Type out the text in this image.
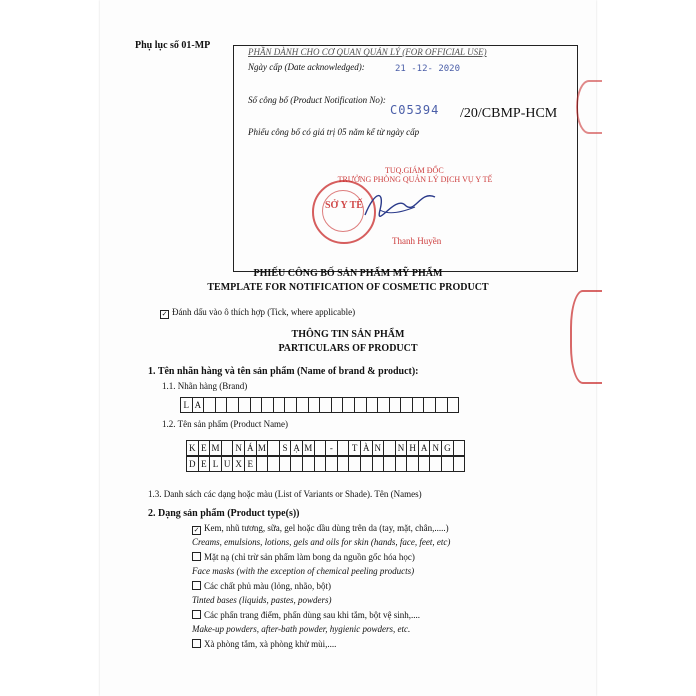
Phụ lục số 01-MP
PHẦN DÀNH CHO CƠ QUAN QUẢN LÝ (FOR OFFICIAL USE)
Ngày cấp (Date acknowledged):	21 -12- 2020
Số công bố (Product Notification No):
C05394 /20/CBMP-HCM
Phiếu công bố có giá trị 05 năm kể từ ngày cấp
TUQ.GIÁM ĐỐC
TRƯỞNG PHÒNG QUẢN LÝ DỊCH VỤ Y TẾ
SỞ Y TẾ
Thanh Huyền
PHIẾU CÔNG BỐ SẢN PHẨM MỸ PHẨM
TEMPLATE FOR NOTIFICATION OF COSMETIC PRODUCT
✓ Đánh dấu vào ô thích hợp (Tick, where applicable)
THÔNG TIN SẢN PHẨM
PARTICULARS OF PRODUCT
1. Tên nhãn hàng và tên sản phẩm (Name of brand & product):
1.1. Nhãn hàng (Brand)
L A
1.2. Tên sản phẩm (Product Name)
K E M N Á M	S Ạ M	-	T À N	N H A N G
D E L U X E
1.3. Danh sách các dạng hoặc màu (List of Variants or Shade). Tên (Names)
2. Dạng sản phẩm (Product type(s))
✓ Kem, nhũ tương, sữa, gel hoặc dầu dùng trên da (tay, mặt, chân,.....)
Creams, emulsions, lotions, gels and oils for skin (hands, face, feet, etc)
Mặt nạ (chỉ trừ sản phẩm làm bong da nguồn gốc hóa học)
Face masks (with the exception of chemical peeling products)
Các chất phủ màu (lỏng, nhão, bột)
Tinted bases (liquids, pastes, powders)
Các phấn trang điểm, phấn dùng sau khi tắm, bột vệ sinh,....
Make-up powders, after-bath powder, hygienic powders, etc.
Xà phòng tắm, xà phòng khử mùi,....
